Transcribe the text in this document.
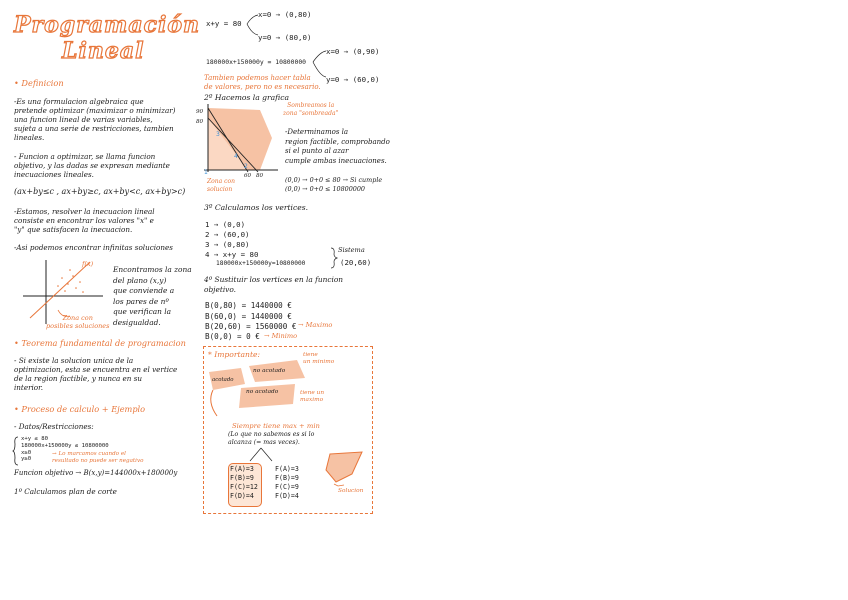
Programación
Lineal
• Definicion
-Es una formulacion algebraica que
pretende optimizar (maximizar o minimizar)
una funcion lineal de varias variables,
sujeta a una serie de restricciones, tambien
lineales.
- Funcion a optimizar, se llama funcion
objetivo, y las dadas se expresan mediante
inecuaciones lineales.
(ax+by≤c , ax+by≥c, ax+by<c, ax+by>c)
-Estamos, resolver la inecuacion lineal
consiste en encontrar los valores "x" e
"y" que satisfacen la inecuacion.
-Asi podemos encontrar infinitas soluciones
f(x)
Encontramos la zona
del plano (x,y)
que conviende a
los pares de nº
que verifican la
desigualdad.
Zona con
posibles soluciones
• Teorema fundamental de programacion
- Si existe la solucion unica de la
optimizacion, esta se encuentra en el vertice
de la region factible, y nunca en su
interior.
• Proceso de calculo + Ejemplo
- Datos/Restricciones:
x+y ≤ 80
180000x+150000y ≤ 10800000
x≥0
y≥0
→ Lo marcamos cuando el
resultado no puede ser negativo
Funcion objetivo → B(x,y)=144000x+180000y
1º Calculamos plan de corte
x+y = 80
x=0 → (0,80)
y=0 → (80,0)
180000x+150000y = 10800000
x=0 → (0,90)
y=0 → (60,0)
Tambien podemos hacer tabla
de valores, pero no es necesario.
2º Hacemos la grafica
3
4
1
2
90
80
60 80
Sombreamos la
zona "sombreada"
Zona con
solucion
-Determinamos la
region factible, comprobando
si el punto al azar
cumple ambas inecuaciones.
(0,0) → 0+0 ≤ 80 → Si cumple
(0,0) → 0+0 ≤ 10800000
3º Calculamos los vertices.
1 → (0,0)
2 → (60,0)
3 → (0,80)
4 → x+y = 80
180000x+150000y=10800000
Sistema
(20,60)
4º Sustituir los vertices en la funcion
objetivo.
B(0,80) = 1440000 €
B(60,0) = 1440000 €
B(20,60) = 1560000 € → Maximo
B(0,0) = 0 € → Minimo
* Importante:
no acotado
acotado
no acotado
tiene
un minimo
tiene un
maximo
Siempre tiene max + min
(Lo que no sabemos es si lo
alcanza (= mas veces).
F(A)=3
F(B)=9
F(C)=12
F(D)=4
F(A)=3
F(B)=9
F(C)=9
F(D)=4
Solucion
